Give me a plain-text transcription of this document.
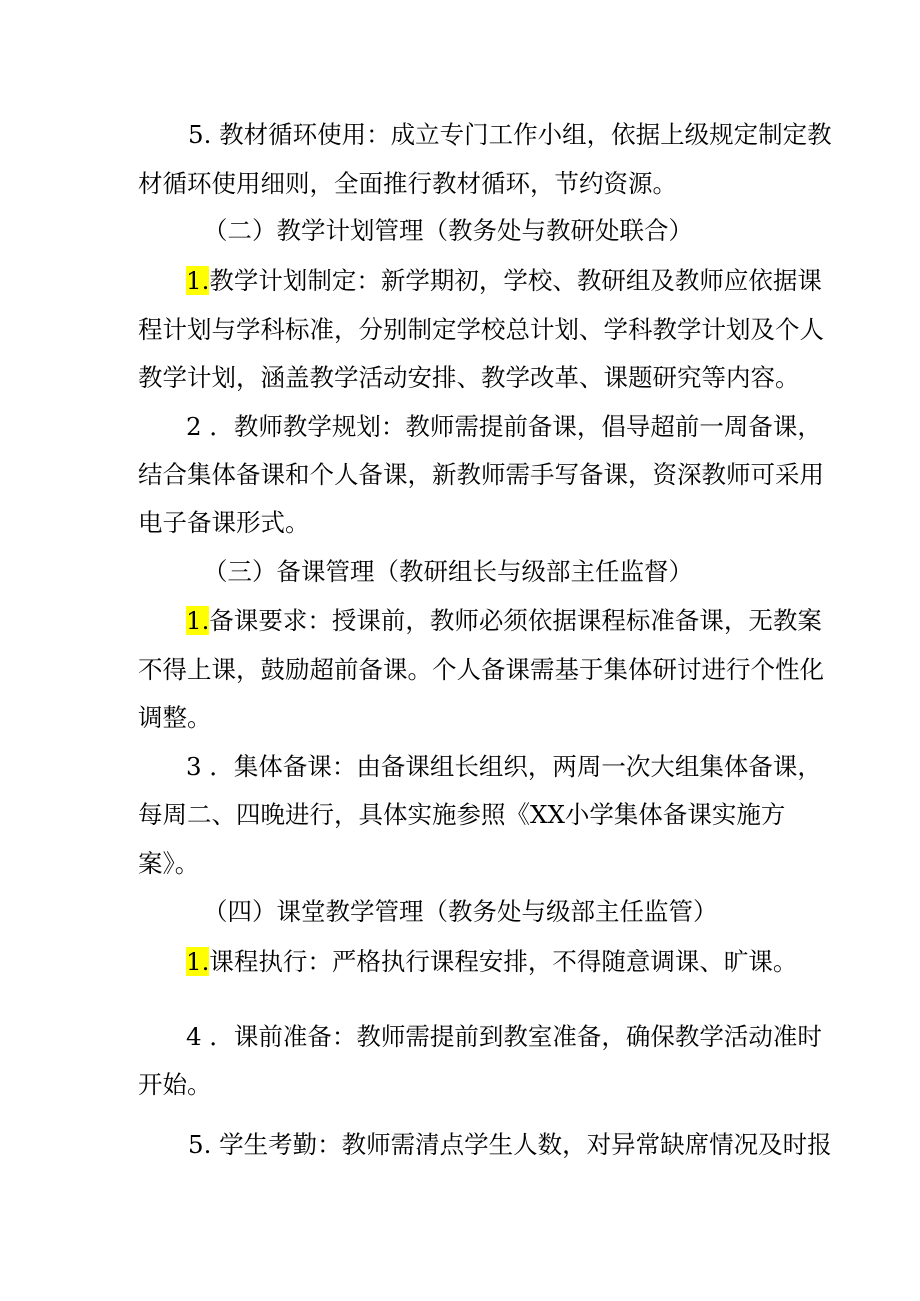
5. 教材循环使用：成立专门工作小组，依据上级规定制定教
材循环使用细则，全面推行教材循环，节约资源。
（二）教学计划管理（教务处与教研处联合）
1.教学计划制定：新学期初，学校、教研组及教师应依据课
程计划与学科标准，分别制定学校总计划、学科教学计划及个人
教学计划，涵盖教学活动安排、教学改革、课题研究等内容。
2 ．教师教学规划：教师需提前备课，倡导超前一周备课，
结合集体备课和个人备课，新教师需手写备课，资深教师可采用
电子备课形式。
（三）备课管理（教研组长与级部主任监督）
1.备课要求：授课前，教师必须依据课程标准备课，无教案
不得上课，鼓励超前备课。个人备课需基于集体研讨进行个性化
调整。
3 ．集体备课：由备课组长组织，两周一次大组集体备课，
每周二、四晚进行，具体实施参照《XX小学集体备课实施方
案》。
（四）课堂教学管理（教务处与级部主任监管）
1.课程执行：严格执行课程安排，不得随意调课、旷课。
4 ．课前准备：教师需提前到教室准备，确保教学活动准时
开始。
5. 学生考勤：教师需清点学生人数，对异常缺席情况及时报
